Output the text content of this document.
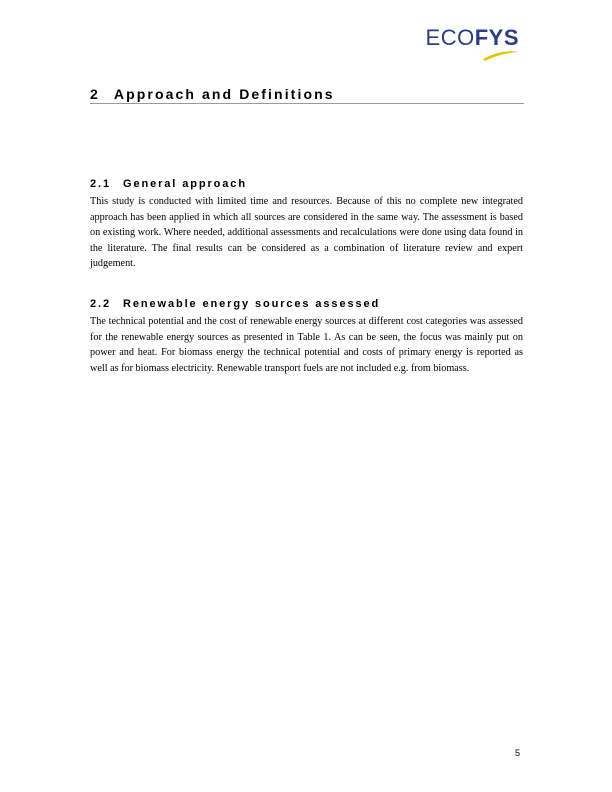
ECOFYS
2 Approach and Definitions
2.1 General approach

This study is conducted with limited time and resources. Because of this no complete new integrated approach has been applied in which all sources are considered in the same way. The assessment is based on existing work. Where needed, additional assessments and recalculations were done using data found in the literature. The final results can be considered as a combination of literature review and expert judgement.

2.2 Renewable energy sources assessed

The technical potential and the cost of renewable energy sources at different cost categories was assessed for the renewable energy sources as presented in Table 1. As can be seen, the focus was mainly put on power and heat. For biomass energy the technical potential and costs of primary energy is reported as well as for biomass electricity. Renewable transport fuels are not included e.g. from biomass.

5
